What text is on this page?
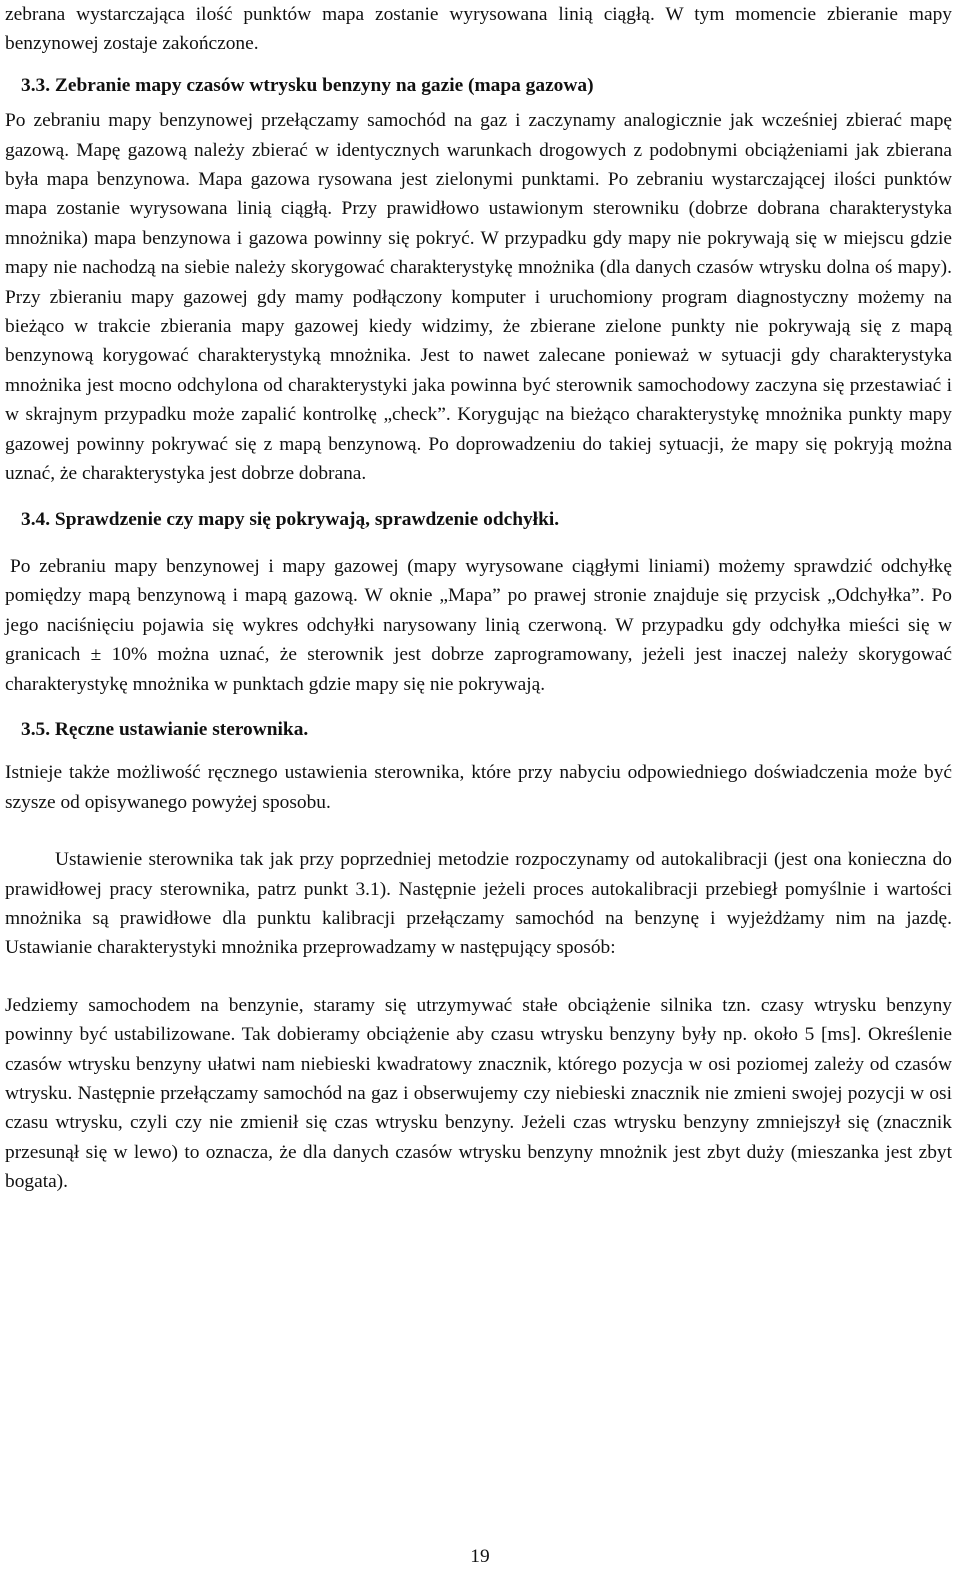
zebrana wystarczająca ilość punktów mapa zostanie wyrysowana linią ciągłą. W tym momencie zbieranie mapy benzynowej zostaje zakończone.

3.3. Zebranie mapy czasów wtrysku benzyny na gazie (mapa gazowa)

Po zebraniu mapy benzynowej przełączamy samochód na gaz i zaczynamy analogicznie jak wcześniej zbierać mapę gazową. Mapę gazową należy zbierać w identycznych warunkach drogowych z podobnymi obciążeniami jak zbierana była mapa benzynowa. Mapa gazowa rysowana jest zielonymi punktami. Po zebraniu wystarczającej ilości punktów mapa zostanie wyrysowana linią ciągłą. Przy prawidłowo ustawionym sterowniku (dobrze dobrana charakterystyka mnożnika) mapa benzynowa i gazowa powinny się pokryć. W przypadku gdy mapy nie pokrywają się w miejscu gdzie mapy nie nachodzą na siebie należy skorygować charakterystykę mnożnika (dla danych czasów wtrysku dolna oś mapy). Przy zbieraniu mapy gazowej gdy mamy podłączony komputer i uruchomiony program diagnostyczny możemy na bieżąco w trakcie zbierania mapy gazowej kiedy widzimy, że zbierane zielone punkty nie pokrywają się z mapą benzynową korygować charakterystyką mnożnika. Jest to nawet zalecane ponieważ w sytuacji gdy charakterystyka mnożnika jest mocno odchylona od charakterystyki jaka powinna być sterownik samochodowy zaczyna się przestawiać i w skrajnym przypadku może zapalić kontrolkę „check”. Korygując na bieżąco charakterystykę mnożnika punkty mapy gazowej powinny pokrywać się z mapą benzynową. Po doprowadzeniu do takiej sytuacji, że mapy się pokryją można uznać, że charakterystyka jest dobrze dobrana.

3.4. Sprawdzenie czy mapy się pokrywają, sprawdzenie odchyłki.

Po zebraniu mapy benzynowej i mapy gazowej (mapy wyrysowane ciągłymi liniami) możemy sprawdzić odchyłkę pomiędzy mapą benzynową i mapą gazową. W oknie „Mapa” po prawej stronie znajduje się przycisk „Odchyłka”. Po jego naciśnięciu pojawia się wykres odchyłki narysowany linią czerwoną. W przypadku gdy odchyłka mieści się w granicach ± 10% można uznać, że sterownik jest dobrze zaprogramowany, jeżeli jest inaczej należy skorygować charakterystykę mnożnika w punktach gdzie mapy się nie pokrywają.

3.5. Ręczne ustawianie sterownika.

Istnieje także możliwość ręcznego ustawienia sterownika, które przy nabyciu odpowiedniego doświadczenia może być szysze od opisywanego powyżej sposobu.

Ustawienie sterownika tak jak przy poprzedniej metodzie rozpoczynamy od autokalibracji (jest ona konieczna do prawidłowej pracy sterownika, patrz punkt 3.1). Następnie jeżeli proces autokalibracji przebiegł pomyślnie i wartości mnożnika są prawidłowe dla punktu kalibracji przełączamy samochód na benzynę i wyjeżdżamy nim na jazdę. Ustawianie charakterystyki mnożnika przeprowadzamy w następujący sposób:

Jedziemy samochodem na benzynie, staramy się utrzymywać stałe obciążenie silnika tzn. czasy wtrysku benzyny powinny być ustabilizowane. Tak dobieramy obciążenie aby czasu wtrysku benzyny były np. około 5 [ms]. Określenie czasów wtrysku benzyny ułatwi nam niebieski kwadratowy znacznik, którego pozycja w osi poziomej zależy od czasów wtrysku. Następnie przełączamy samochód na gaz i obserwujemy czy niebieski znacznik nie zmieni swojej pozycji w osi czasu wtrysku, czyli czy nie zmienił się czas wtrysku benzyny. Jeżeli czas wtrysku benzyny zmniejszył się (znacznik przesunął się w lewo) to oznacza, że dla danych czasów wtrysku benzyny mnożnik jest zbyt duży (mieszanka jest zbyt bogata).

19
